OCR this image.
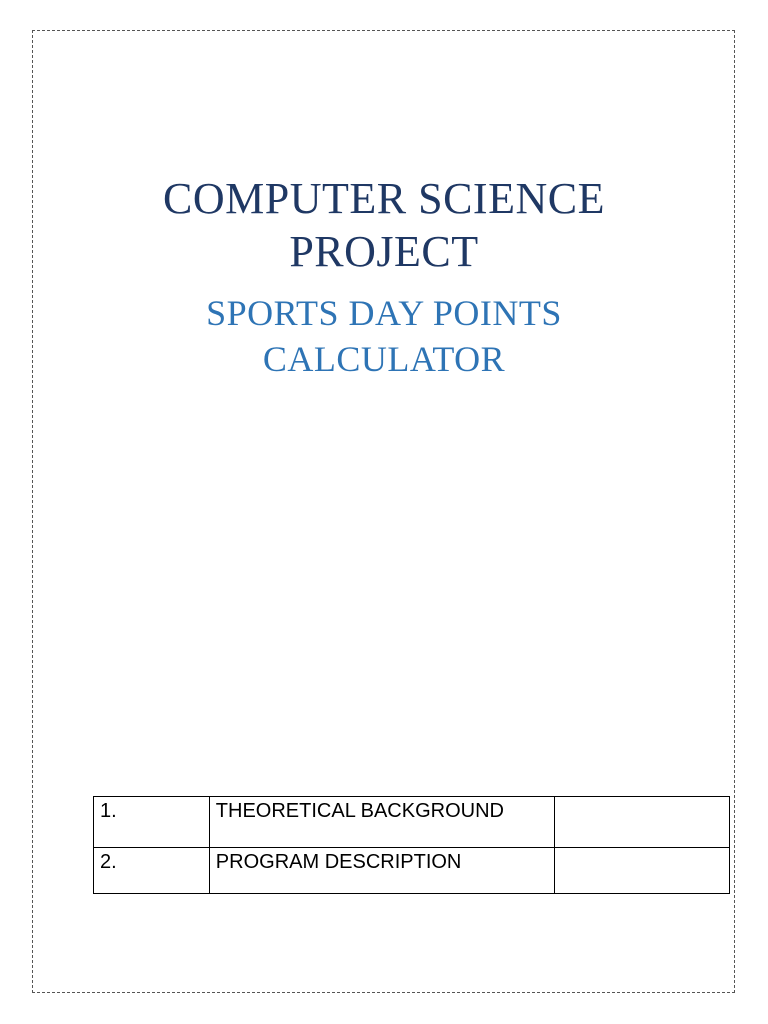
COMPUTER SCIENCE
PROJECT
SPORTS DAY POINTS
CALCULATOR
1.	THEORETICAL BACKGROUND	
2.	PROGRAM DESCRIPTION	
